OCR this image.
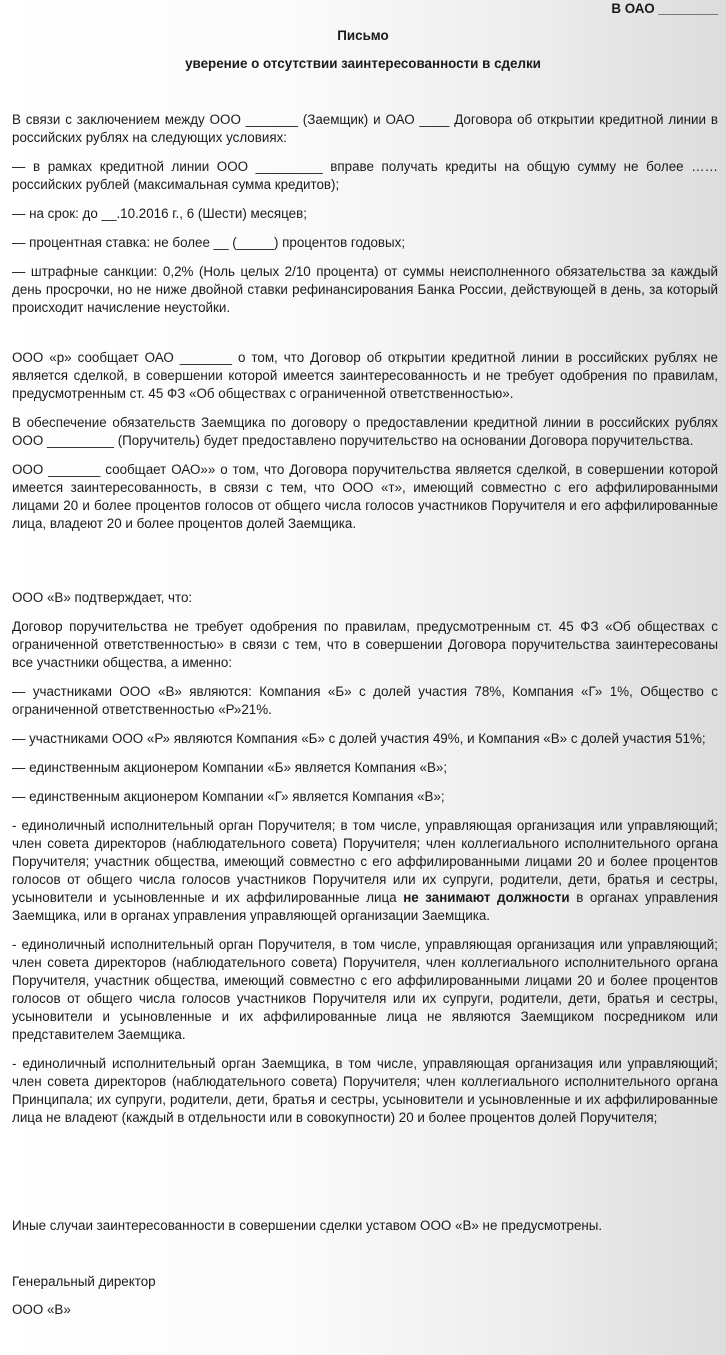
В ОАО ________
Письмо
уверение о отсутствии заинтересованности в сделки

В связи с заключением между ООО _______ (Заемщик) и ОАО ____ Договора об открытии кредитной линии в российских рублях на следующих условиях:

— в рамках кредитной линии ООО _________ вправе получать кредиты на общую сумму не более …… российских рублей (максимальная сумма кредитов);

— на срок: до __.10.2016 г., 6 (Шести) месяцев;

— процентная ставка: не более __ (_____) процентов годовых;

— штрафные санкции: 0,2% (Ноль целых 2/10 процента) от суммы неисполненного обязательства за каждый день просрочки, но не ниже двойной ставки рефинансирования Банка России, действующей в день, за который происходит начисление неустойки.

ООО «р» сообщает ОАО _______ о том, что Договор об открытии кредитной линии в российских рублях не является сделкой, в совершении которой имеется заинтересованность и не требует одобрения по правилам, предусмотренным ст. 45 ФЗ «Об обществах с ограниченной ответственностью».

В обеспечение обязательств Заемщика по договору о предоставлении кредитной линии в российских рублях ООО _________ (Поручитель) будет предоставлено поручительство на основании Договора поручительства.

ООО _______ сообщает ОАО»» о том, что Договора поручительства является сделкой, в совершении которой имеется заинтересованность, в связи с тем, что ООО «т», имеющий совместно с его аффилированными лицами 20 и более процентов голосов от общего числа голосов участников Поручителя и его аффилированные лица, владеют 20 и более процентов долей Заемщика.

ООО «В» подтверждает, что:

Договор поручительства не требует одобрения по правилам, предусмотренным ст. 45 ФЗ «Об обществах с ограниченной ответственностью» в связи с тем, что в совершении Договора поручительства заинтересованы все участники общества, а именно:

— участниками ООО «В» являются: Компания «Б» с долей участия 78%, Компания «Г» 1%, Общество с ограниченной ответственностью «Р»21%.

— участниками ООО «Р» являются Компания «Б» с долей участия 49%, и Компания «В» с долей участия 51%;

— единственным акционером Компании «Б» является Компания «В»;

— единственным акционером Компании «Г» является Компания «В»;

- единоличный исполнительный орган Поручителя; в том числе, управляющая организация или управляющий; член совета директоров (наблюдательного совета) Поручителя; член коллегиального исполнительного органа Поручителя; участник общества, имеющий совместно с его аффилированными лицами 20 и более процентов голосов от общего числа голосов участников Поручителя или их супруги, родители, дети, братья и сестры, усыновители и усыновленные и их аффилированные лица не занимают должности в органах управления Заемщика, или в органах управления управляющей организации Заемщика.

- единоличный исполнительный орган Поручителя, в том числе, управляющая организация или управляющий; член совета директоров (наблюдательного совета) Поручителя, член коллегиального исполнительного органа Поручителя, участник общества, имеющий совместно с его аффилированными лицами 20 и более процентов голосов от общего числа голосов участников Поручителя или их супруги, родители, дети, братья и сестры, усыновители и усыновленные и их аффилированные лица не являются Заемщиком посредником или представителем Заемщика.

- единоличный исполнительный орган Заемщика, в том числе, управляющая организация или управляющий; член совета директоров (наблюдательного совета) Поручителя; член коллегиального исполнительного органа Принципала; их супруги, родители, дети, братья и сестры, усыновители и усыновленные и их аффилированные лица не владеют (каждый в отдельности или в совокупности) 20 и более процентов долей Поручителя;

Иные случаи заинтересованности в совершении сделки уставом ООО «В» не предусмотрены.

Генеральный директор
ООО «В»
